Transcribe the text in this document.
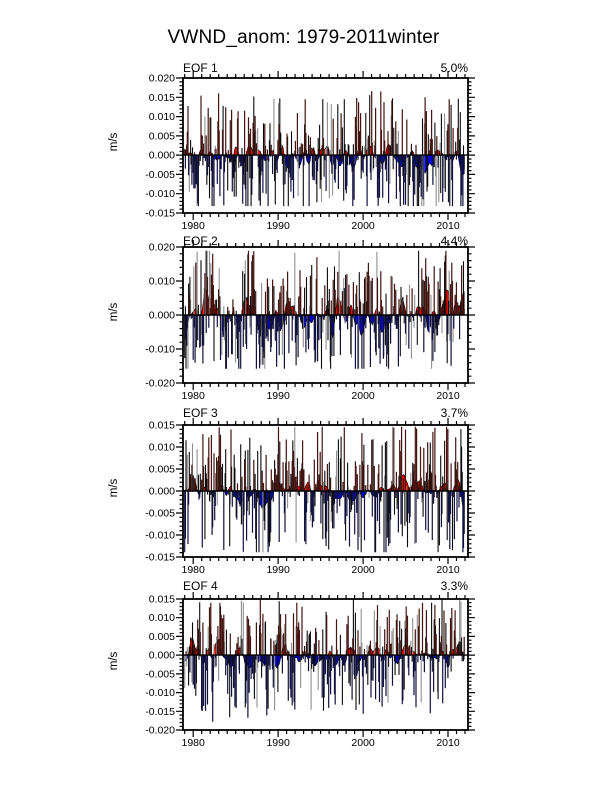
0.020
0.015
0.010
0.005
0.000
-0.005
-0.010
-0.015
1980	1990	2000	2010
0.020
0.010
0.000
-0.010
-0.020
1980	1990	2000	2010
0.015
0.010
0.005
0.000
-0.005
-0.010
-0.015
1980	1990	2000	2010
0.015
0.010
0.005
0.000
-0.005
-0.010
-0.015
-0.020
1980	1990	2000	2010
VWND_anom: 1979-2011winter
EOF 1	5.0%
EOF 2	4.4%
EOF 3	3.7%
EOF 4	3.3%
m/s
m/s
m/s
m/s
